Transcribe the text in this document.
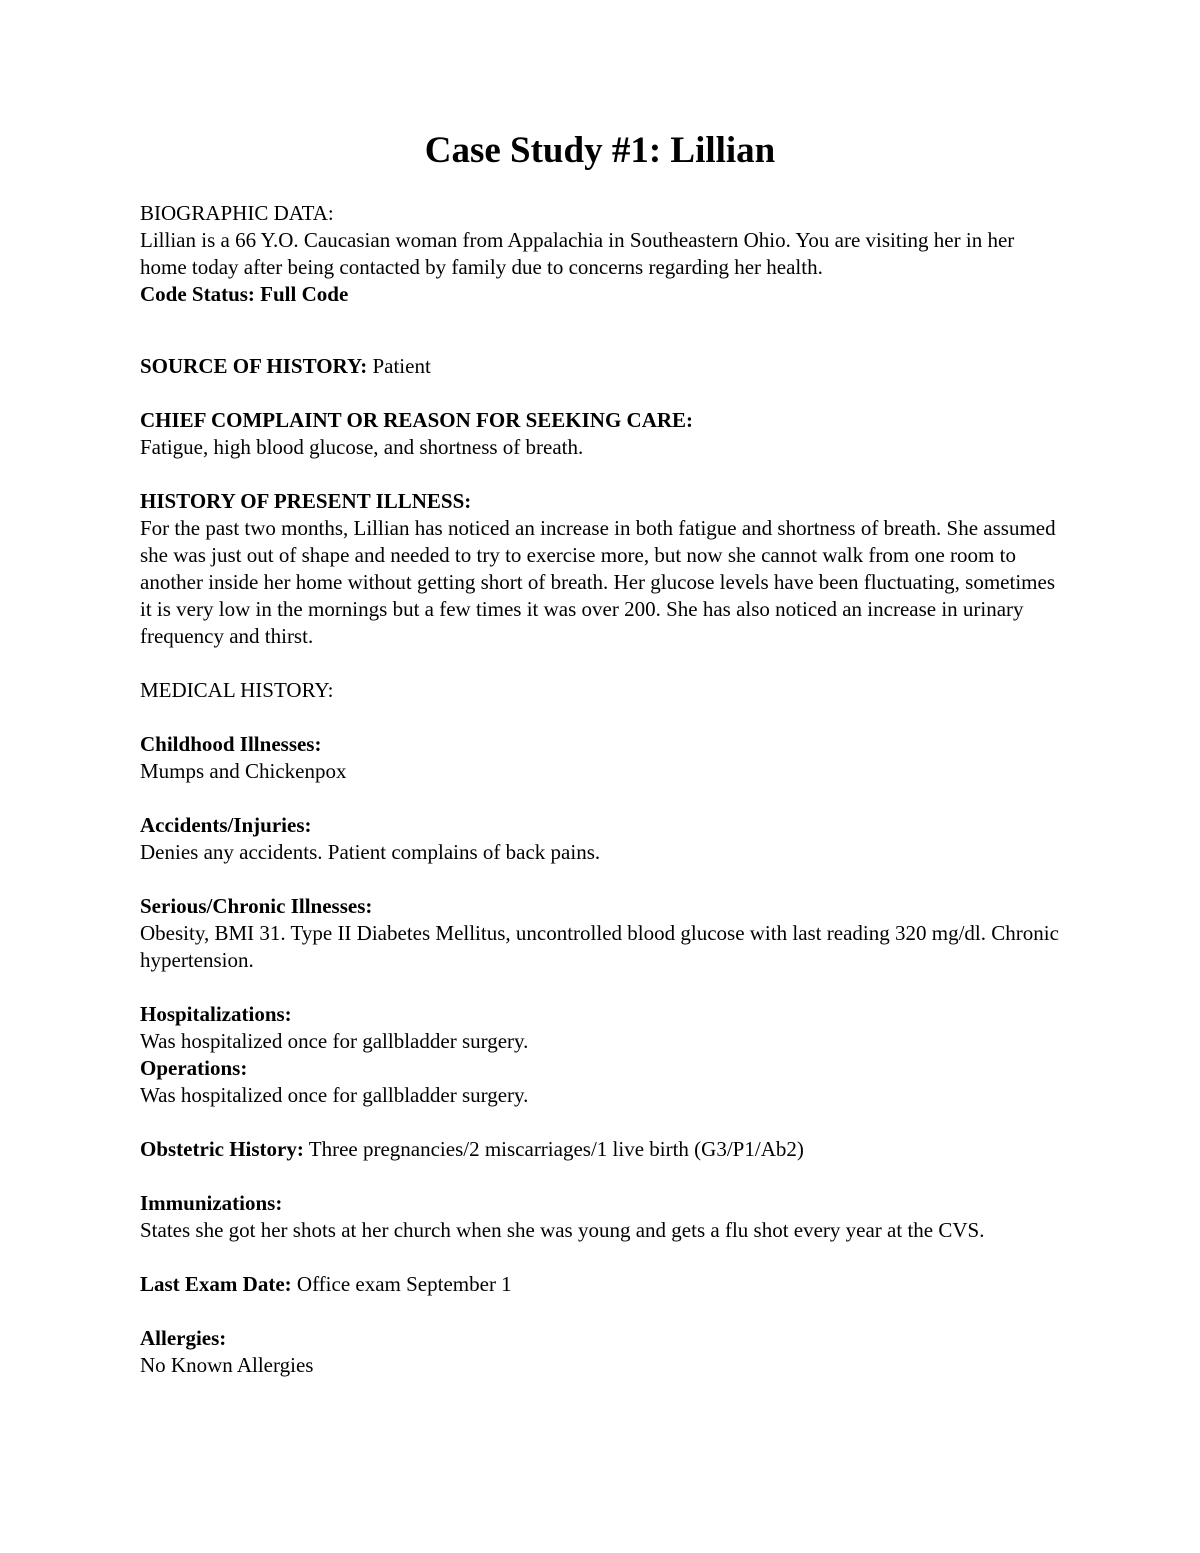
Case Study #1: Lillian

BIOGRAPHIC DATA:

Lillian is a 66 Y.O. Caucasian woman from Appalachia in Southeastern Ohio. You are visiting her in her home today after being contacted by family due to concerns regarding her health.

Code Status: Full Code

SOURCE OF HISTORY: Patient

CHIEF COMPLAINT OR REASON FOR SEEKING CARE:

Fatigue, high blood glucose, and shortness of breath.

HISTORY OF PRESENT ILLNESS:

For the past two months, Lillian has noticed an increase in both fatigue and shortness of breath. She assumed she was just out of shape and needed to try to exercise more, but now she cannot walk from one room to another inside her home without getting short of breath. Her glucose levels have been fluctuating, sometimes it is very low in the mornings but a few times it was over 200. She has also noticed an increase in urinary frequency and thirst.

MEDICAL HISTORY:

Childhood Illnesses:

Mumps and Chickenpox

Accidents/Injuries:

Denies any accidents. Patient complains of back pains.

Serious/Chronic Illnesses:

Obesity, BMI 31. Type II Diabetes Mellitus, uncontrolled blood glucose with last reading 320 mg/dl. Chronic hypertension.

Hospitalizations:

Was hospitalized once for gallbladder surgery.

Operations:

Was hospitalized once for gallbladder surgery.

Obstetric History: Three pregnancies/2 miscarriages/1 live birth (G3/P1/Ab2)

Immunizations:

States she got her shots at her church when she was young and gets a flu shot every year at the CVS.

Last Exam Date: Office exam September 1

Allergies:

No Known Allergies
